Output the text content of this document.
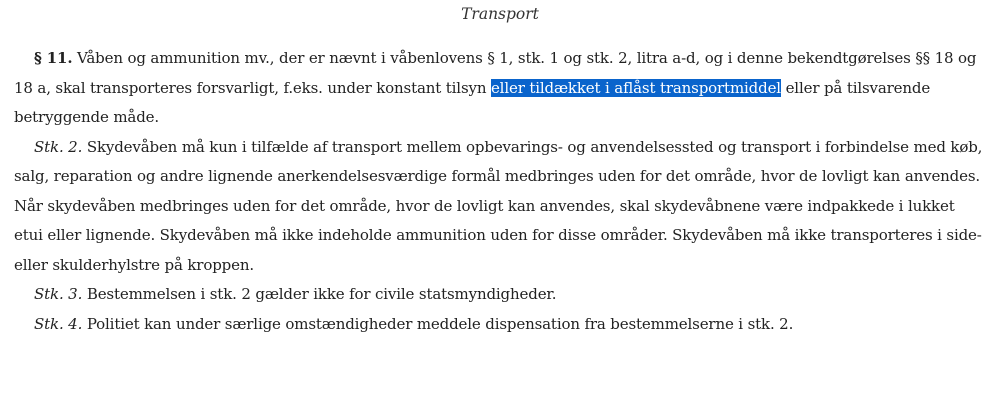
Transport

§ 11. Våben og ammunition mv., der er nævnt i våbenlovens § 1, stk. 1 og stk. 2, litra a-d, og i denne bekendtgørelses §§ 18 og 18 a, skal transporteres forsvarligt, f.eks. under konstant tilsyn eller tildækket i aflåst transportmiddel eller på tilsvarende betryggende måde.

Stk. 2. Skydevåben må kun i tilfælde af transport mellem opbevarings- og anvendelsessted og transport i forbindelse med køb, salg, reparation og andre lignende anerkendelsesværdige formål medbringes uden for det område, hvor de lovligt kan anvendes. Når skydevåben medbringes uden for det område, hvor de lovligt kan anvendes, skal skydevåbnene være indpakkede i lukket etui eller lignende. Skydevåben må ikke indeholde ammunition uden for disse områder. Skydevåben må ikke transporteres i side- eller skulderhylstre på kroppen.

Stk. 3. Bestemmelsen i stk. 2 gælder ikke for civile statsmyndigheder.

Stk. 4. Politiet kan under særlige omstændigheder meddele dispensation fra bestemmelserne i stk. 2.
